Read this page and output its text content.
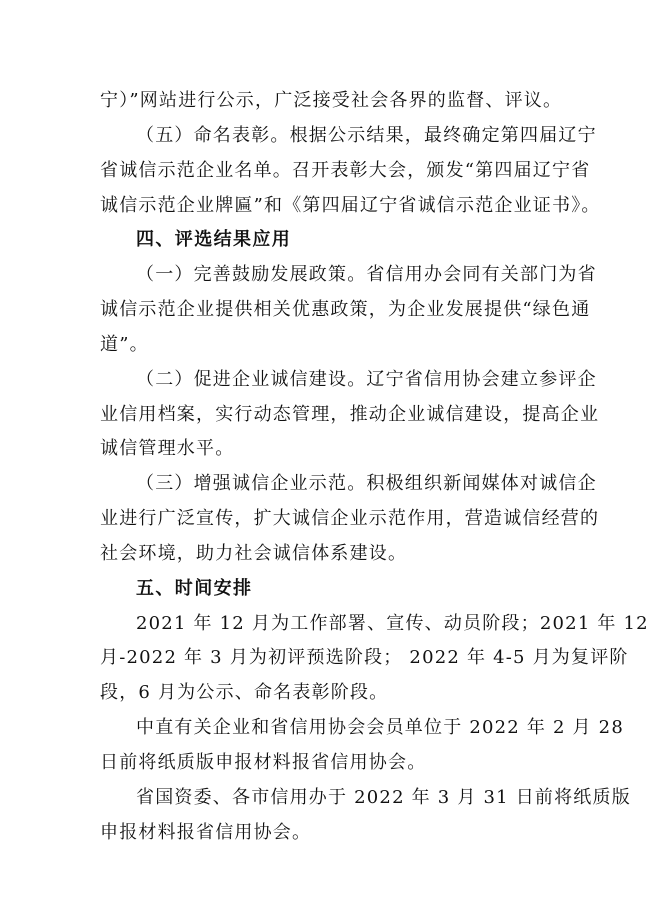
宁）”网站进行公示，广泛接受社会各界的监督、评议。
（五）命名表彰。根据公示结果，最终确定第四届辽宁
省诚信示范企业名单。召开表彰大会，颁发“第四届辽宁省
诚信示范企业牌匾”和《第四届辽宁省诚信示范企业证书》。
四、评选结果应用
（一）完善鼓励发展政策。省信用办会同有关部门为省
诚信示范企业提供相关优惠政策，为企业发展提供“绿色通
道”。
（二）促进企业诚信建设。辽宁省信用协会建立参评企
业信用档案，实行动态管理，推动企业诚信建设，提高企业
诚信管理水平。
（三）增强诚信企业示范。积极组织新闻媒体对诚信企
业进行广泛宣传，扩大诚信企业示范作用，营造诚信经营的
社会环境，助力社会诚信体系建设。
五、时间安排
2021 年 12 月为工作部署、宣传、动员阶段；2021 年 12
月-2022 年 3 月为初评预选阶段； 2022 年 4-5 月为复评阶
段，6 月为公示、命名表彰阶段。
中直有关企业和省信用协会会员单位于 2022 年 2 月 28
日前将纸质版申报材料报省信用协会。
省国资委、各市信用办于 2022 年 3 月 31 日前将纸质版
申报材料报省信用协会。
